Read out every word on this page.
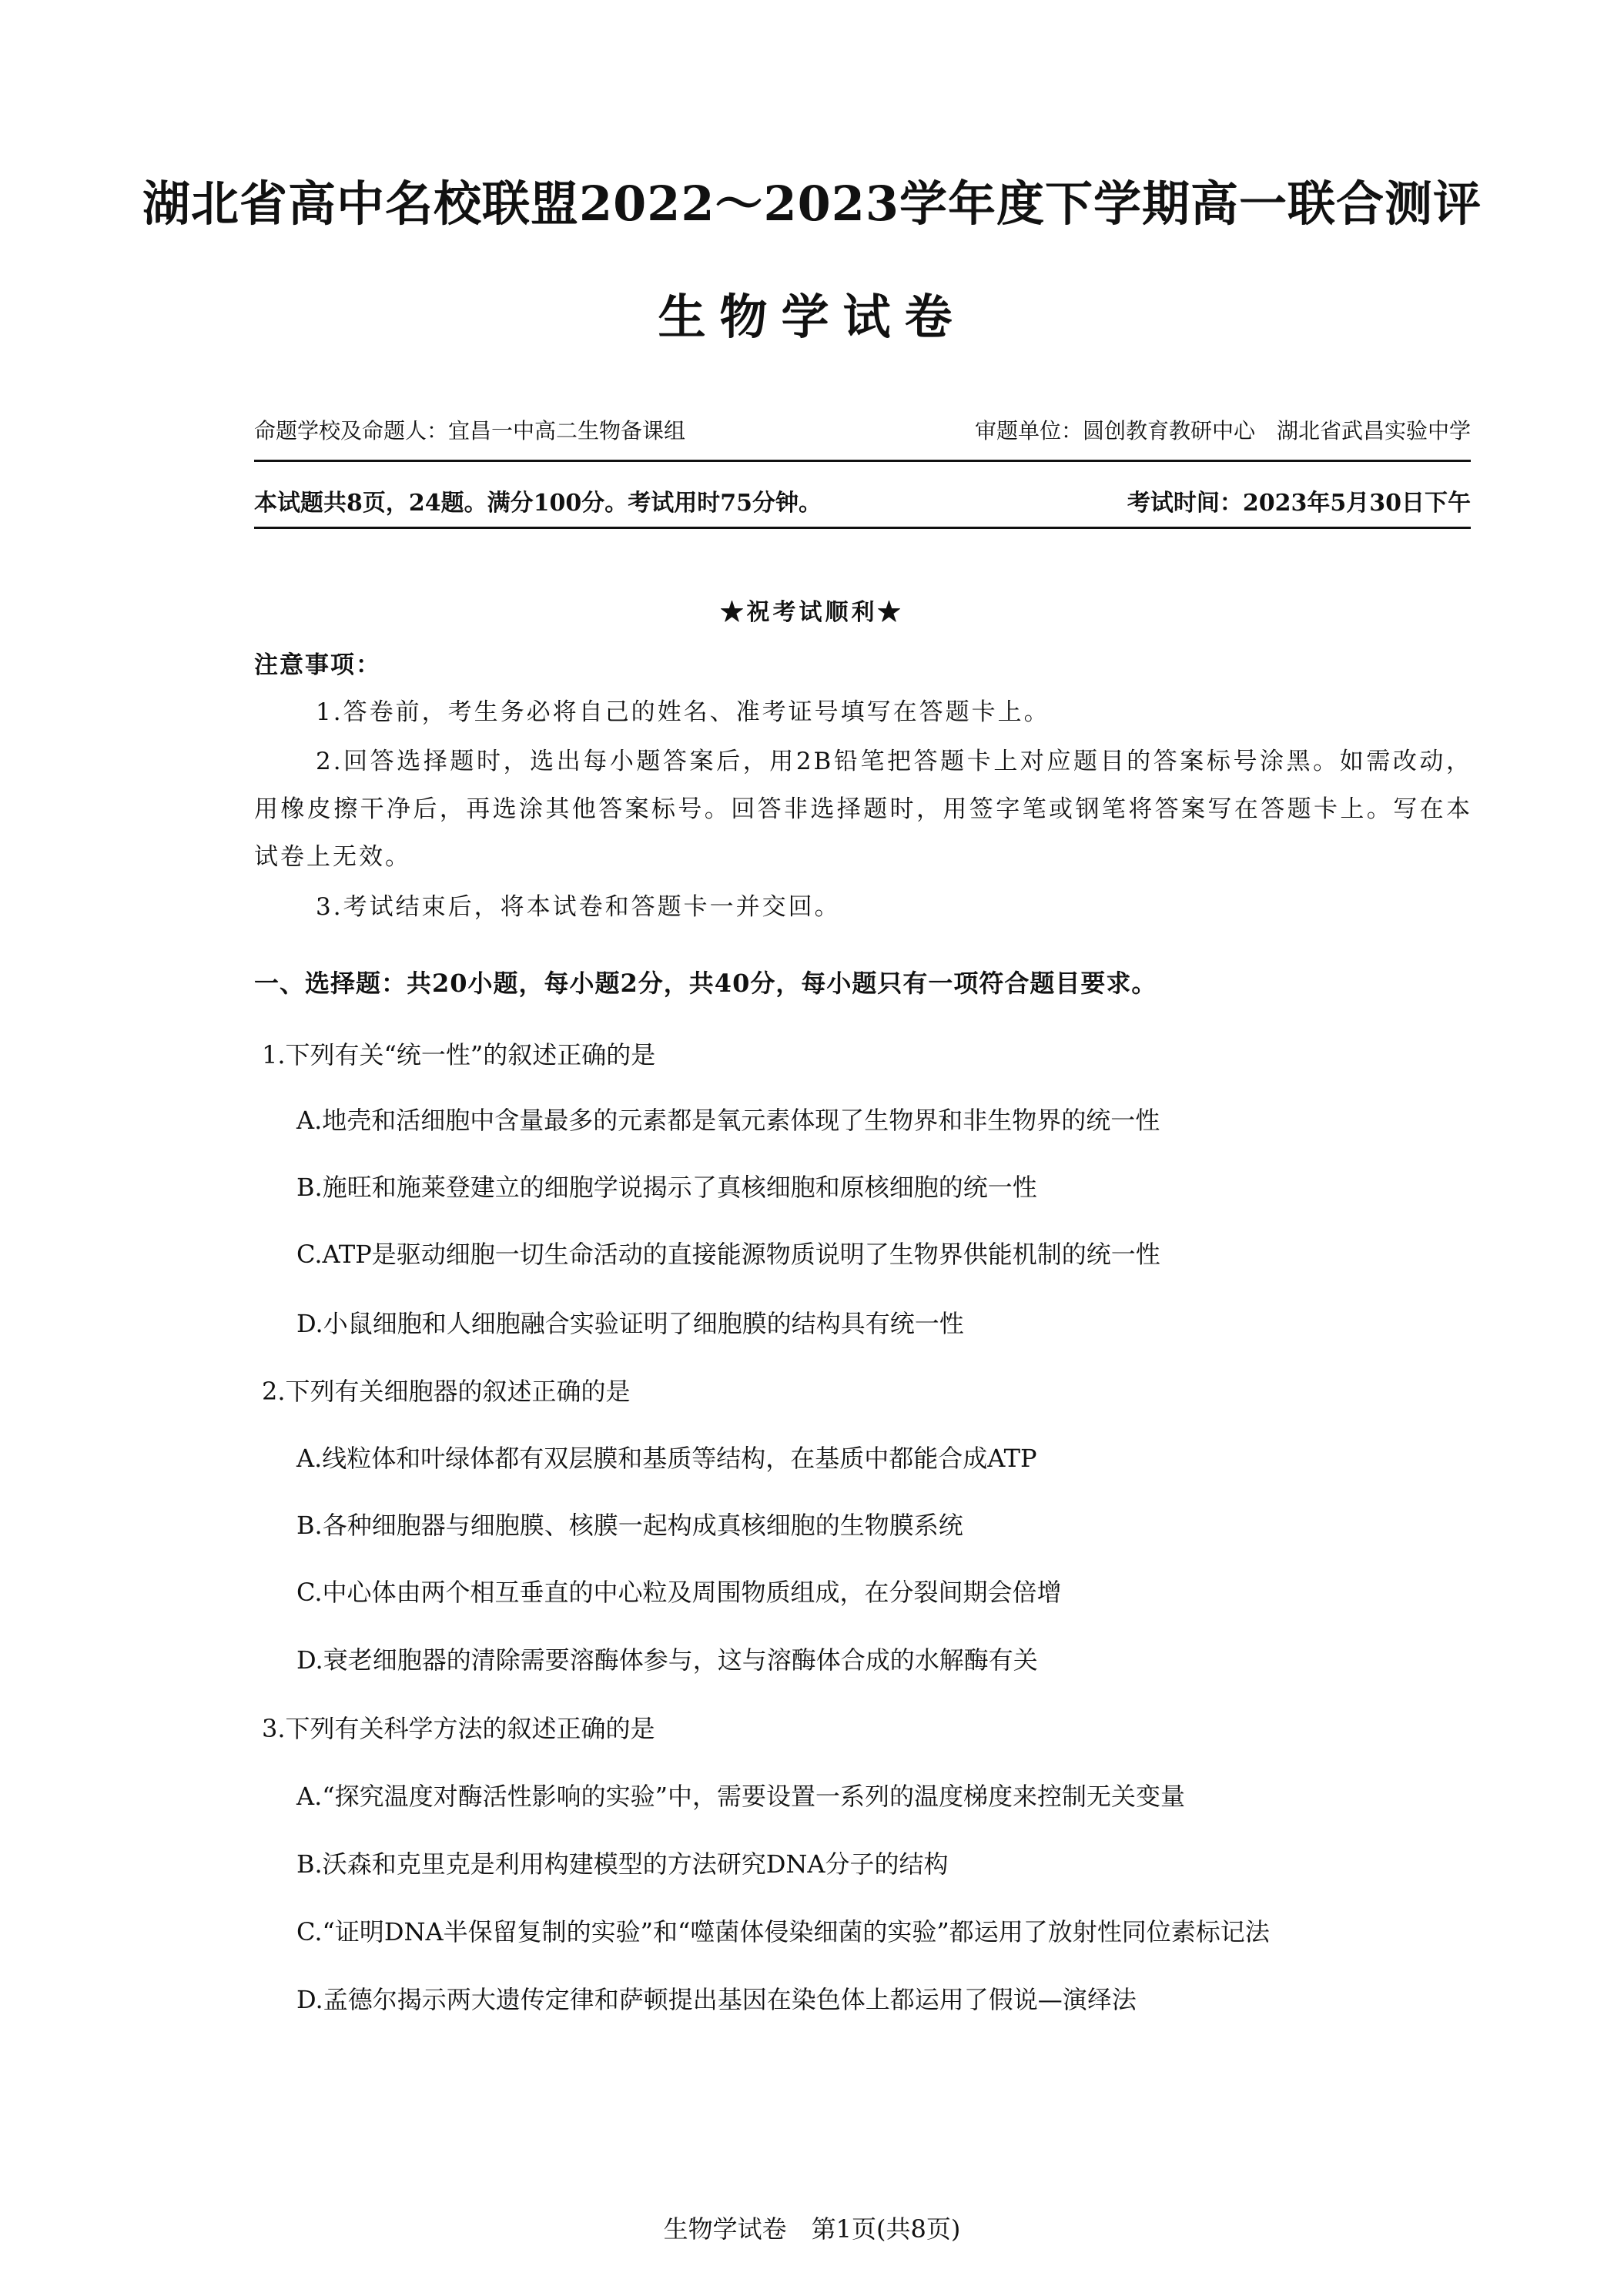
湖北省高中名校联盟2022～2023学年度下学期高一联合测评
生物学试卷
命题学校及命题人：宜昌一中高二生物备课组	审题单位：圆创教育教研中心　湖北省武昌实验中学
本试题共8页，24题。满分100分。考试用时75分钟。	考试时间：2023年5月30日下午
★祝考试顺利★
注意事项：
1.答卷前，考生务必将自己的姓名、准考证号填写在答题卡上。
2.回答选择题时，选出每小题答案后，用2B铅笔把答题卡上对应题目的答案标号涂黑。如需改动，用橡皮擦干净后，再选涂其他答案标号。回答非选择题时，用签字笔或钢笔将答案写在答题卡上。写在本试卷上无效。
3.考试结束后，将本试卷和答题卡一并交回。
一、选择题：共20小题，每小题2分，共40分，每小题只有一项符合题目要求。
1.下列有关“统一性”的叙述正确的是
A.地壳和活细胞中含量最多的元素都是氧元素体现了生物界和非生物界的统一性
B.施旺和施莱登建立的细胞学说揭示了真核细胞和原核细胞的统一性
C.ATP是驱动细胞一切生命活动的直接能源物质说明了生物界供能机制的统一性
D.小鼠细胞和人细胞融合实验证明了细胞膜的结构具有统一性
2.下列有关细胞器的叙述正确的是
A.线粒体和叶绿体都有双层膜和基质等结构，在基质中都能合成ATP
B.各种细胞器与细胞膜、核膜一起构成真核细胞的生物膜系统
C.中心体由两个相互垂直的中心粒及周围物质组成，在分裂间期会倍增
D.衰老细胞器的清除需要溶酶体参与，这与溶酶体合成的水解酶有关
3.下列有关科学方法的叙述正确的是
A.“探究温度对酶活性影响的实验”中，需要设置一系列的温度梯度来控制无关变量
B.沃森和克里克是利用构建模型的方法研究DNA分子的结构
C.“证明DNA半保留复制的实验”和“噬菌体侵染细菌的实验”都运用了放射性同位素标记法
D.孟德尔揭示两大遗传定律和萨顿提出基因在染色体上都运用了假说—演绎法
生物学试卷　第1页(共8页)
